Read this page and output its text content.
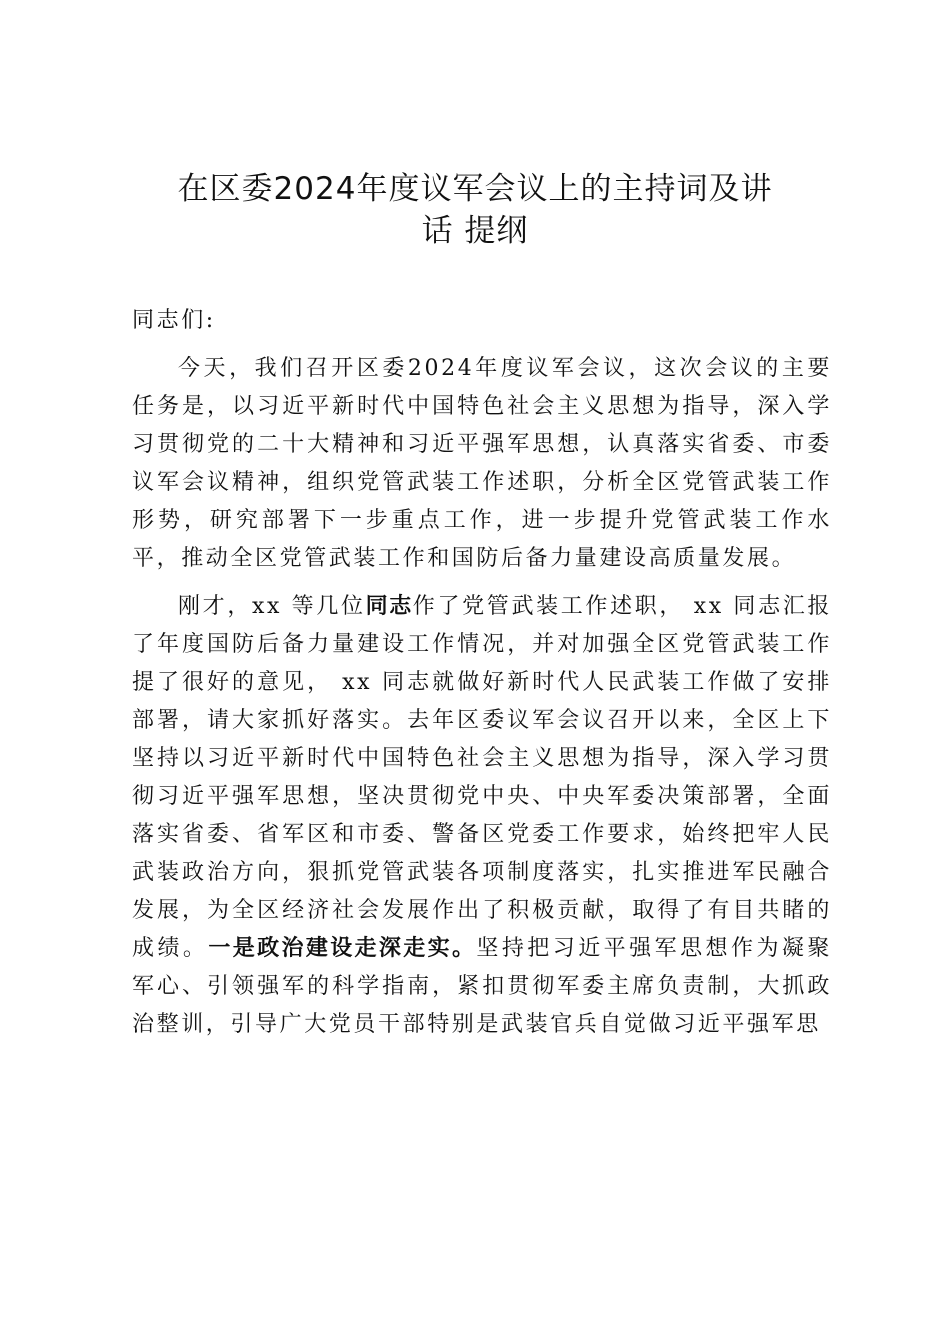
在区委2024年度议军会议上的主持词及讲
话 提纲

同志们:

今天，我们召开区委2024年度议军会议，这次会议的主要任务是，以习近平新时代中国特色社会主义思想为指导，深入学习贯彻党的二十大精神和习近平强军思想，认真落实省委、市委议军会议精神，组织党管武装工作述职，分析全区党管武装工作形势，研究部署下一步重点工作，进一步提升党管武装工作水平，推动全区党管武装工作和国防后备力量建设高质量发展。

刚才，xx 等几位同志作了党管武装工作述职， xx 同志汇报了年度国防后备力量建设工作情况，并对加强全区党管武装工作提了很好的意见， xx 同志就做好新时代人民武装工作做了安排部署，请大家抓好落实。去年区委议军会议召开以来，全区上下坚持以习近平新时代中国特色社会主义思想为指导，深入学习贯彻习近平强军思想，坚决贯彻党中央、中央军委决策部署，全面落实省委、省军区和市委、警备区党委工作要求，始终把牢人民武装政治方向，狠抓党管武装各项制度落实，扎实推进军民融合发展，为全区经济社会发展作出了积极贡献，取得了有目共睹的成绩。一是政治建设走深走实。坚持把习近平强军思想作为凝聚军心、引领强军的科学指南，紧扣贯彻军委主席负责制，大抓政治整训，引导广大党员干部特别是武装官兵自觉做习近平强军思
